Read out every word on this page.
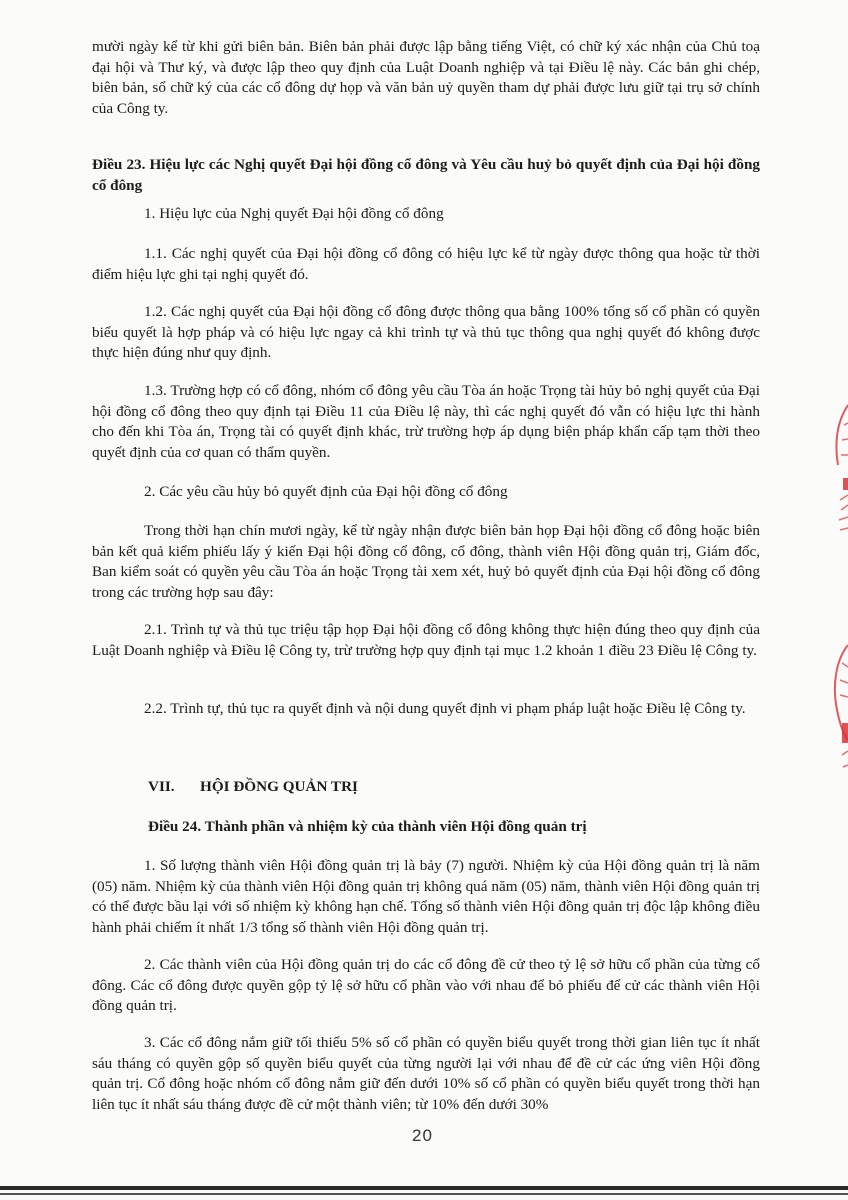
mười ngày kể từ khi gửi biên bản. Biên bản phải được lập bằng tiếng Việt, có chữ ký xác nhận của Chủ toạ đại hội và Thư ký, và được lập theo quy định của Luật Doanh nghiệp và tại Điều lệ này. Các bản ghi chép, biên bản, sổ chữ ký của các cổ đông dự họp và văn bản uỷ quyền tham dự phải được lưu giữ tại trụ sở chính của Công ty.

Điều 23. Hiệu lực các Nghị quyết Đại hội đồng cổ đông và Yêu cầu huỷ bỏ quyết định của Đại hội đồng cổ đông

1. Hiệu lực của Nghị quyết Đại hội đồng cổ đông

1.1. Các nghị quyết của Đại hội đồng cổ đông có hiệu lực kể từ ngày được thông qua hoặc từ thời điểm hiệu lực ghi tại nghị quyết đó.

1.2. Các nghị quyết của Đại hội đồng cổ đông được thông qua bằng 100% tổng số cổ phần có quyền biểu quyết là hợp pháp và có hiệu lực ngay cả khi trình tự và thủ tục thông qua nghị quyết đó không được thực hiện đúng như quy định.

1.3. Trường hợp có cổ đông, nhóm cổ đông yêu cầu Tòa án hoặc Trọng tài hủy bỏ nghị quyết của Đại hội đồng cổ đông theo quy định tại Điều 11 của Điều lệ này, thì các nghị quyết đó vẫn có hiệu lực thi hành cho đến khi Tòa án, Trọng tài có quyết định khác, trừ trường hợp áp dụng biện pháp khẩn cấp tạm thời theo quyết định của cơ quan có thẩm quyền.

2. Các yêu cầu hủy bỏ quyết định của Đại hội đồng cổ đông

Trong thời hạn chín mươi ngày, kể từ ngày nhận được biên bản họp Đại hội đồng cổ đông hoặc biên bản kết quả kiểm phiếu lấy ý kiến Đại hội đồng cổ đông, cổ đông, thành viên Hội đồng quản trị, Giám đốc, Ban kiểm soát có quyền yêu cầu Tòa án hoặc Trọng tài xem xét, huỷ bỏ quyết định của Đại hội đồng cổ đông trong các trường hợp sau đây:

2.1. Trình tự và thủ tục triệu tập họp Đại hội đồng cổ đông không thực hiện đúng theo quy định của Luật Doanh nghiệp và Điều lệ Công ty, trừ trường hợp quy định tại mục 1.2 khoản 1 điều 23 Điều lệ Công ty.

2.2. Trình tự, thủ tục ra quyết định và nội dung quyết định vi phạm pháp luật hoặc Điều lệ Công ty.

VII. HỘI ĐỒNG QUẢN TRỊ

Điều 24. Thành phần và nhiệm kỳ của thành viên Hội đồng quản trị

1. Số lượng thành viên Hội đồng quản trị là bảy (7) người. Nhiệm kỳ của Hội đồng quản trị là năm (05) năm. Nhiệm kỳ của thành viên Hội đồng quản trị không quá năm (05) năm, thành viên Hội đồng quản trị có thể được bầu lại với số nhiệm kỳ không hạn chế. Tổng số thành viên Hội đồng quản trị độc lập không điều hành phải chiếm ít nhất 1/3 tổng số thành viên Hội đồng quản trị.

2. Các thành viên của Hội đồng quản trị do các cổ đông đề cử theo tỷ lệ sở hữu cổ phần của từng cổ đông. Các cổ đông được quyền gộp tỷ lệ sở hữu cổ phần vào với nhau để bỏ phiếu để cử các thành viên Hội đồng quản trị.

3. Các cổ đông nắm giữ tối thiểu 5% số cổ phần có quyền biểu quyết trong thời gian liên tục ít nhất sáu tháng có quyền gộp số quyền biểu quyết của từng người lại với nhau để đề cử các ứng viên Hội đồng quản trị. Cổ đông hoặc nhóm cổ đông nắm giữ đến dưới 10% số cổ phần có quyền biểu quyết trong thời hạn liên tục ít nhất sáu tháng được đề cử một thành viên; từ 10% đến dưới 30%

20
